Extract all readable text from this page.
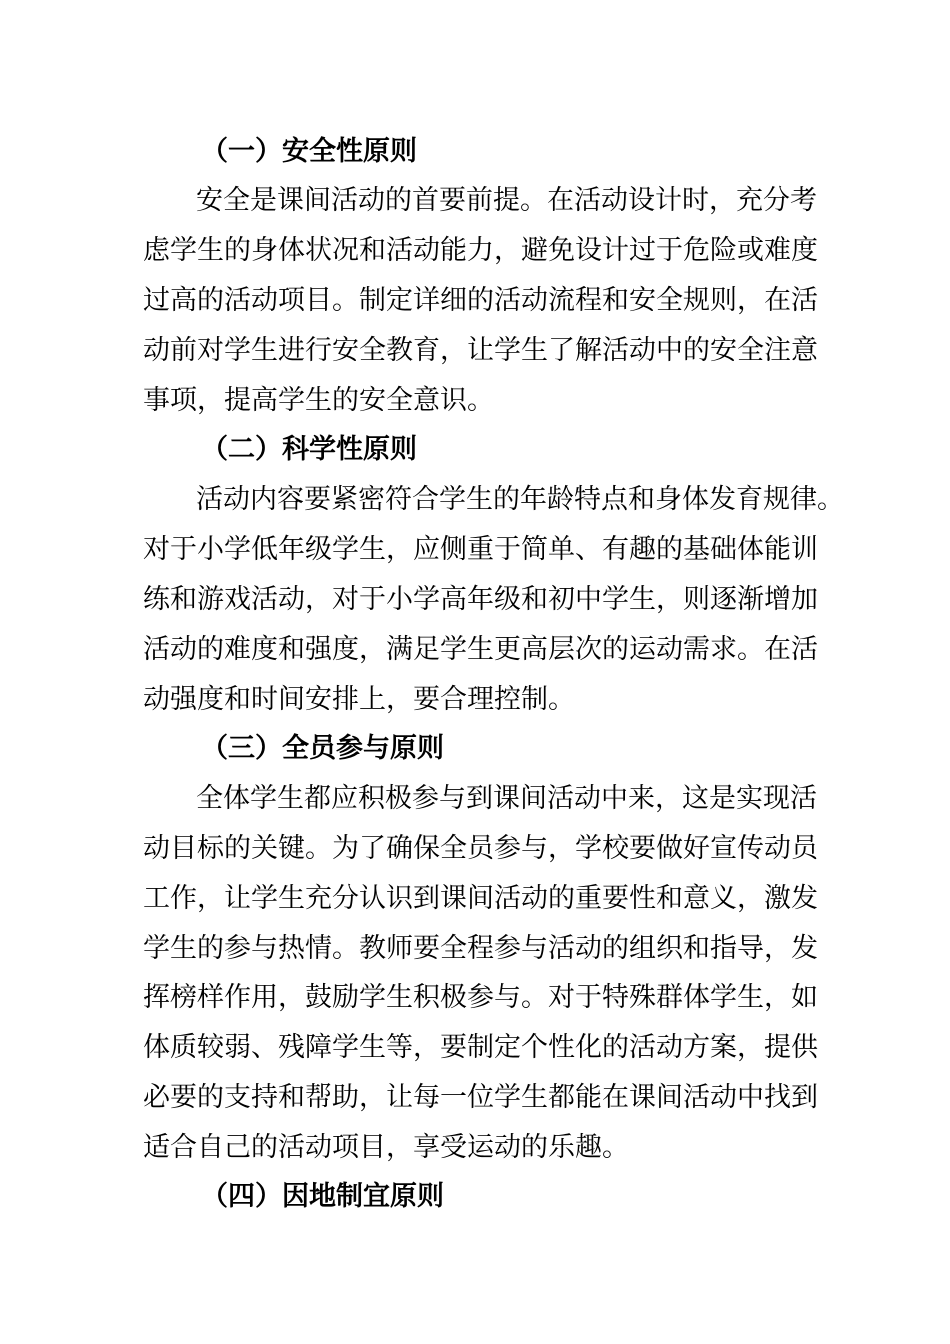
（一）安全性原则
安全是课间活动的首要前提。在活动设计时，充分考
虑学生的身体状况和活动能力，避免设计过于危险或难度
过高的活动项目。制定详细的活动流程和安全规则，在活
动前对学生进行安全教育，让学生了解活动中的安全注意
事项，提高学生的安全意识。
（二）科学性原则
活动内容要紧密符合学生的年龄特点和身体发育规律。
对于小学低年级学生，应侧重于简单、有趣的基础体能训
练和游戏活动，对于小学高年级和初中学生，则逐渐增加
活动的难度和强度，满足学生更高层次的运动需求。在活
动强度和时间安排上，要合理控制。
（三）全员参与原则
全体学生都应积极参与到课间活动中来，这是实现活
动目标的关键。为了确保全员参与，学校要做好宣传动员
工作，让学生充分认识到课间活动的重要性和意义，激发
学生的参与热情。教师要全程参与活动的组织和指导，发
挥榜样作用，鼓励学生积极参与。对于特殊群体学生，如
体质较弱、残障学生等，要制定个性化的活动方案，提供
必要的支持和帮助，让每一位学生都能在课间活动中找到
适合自己的活动项目，享受运动的乐趣。
（四）因地制宜原则
